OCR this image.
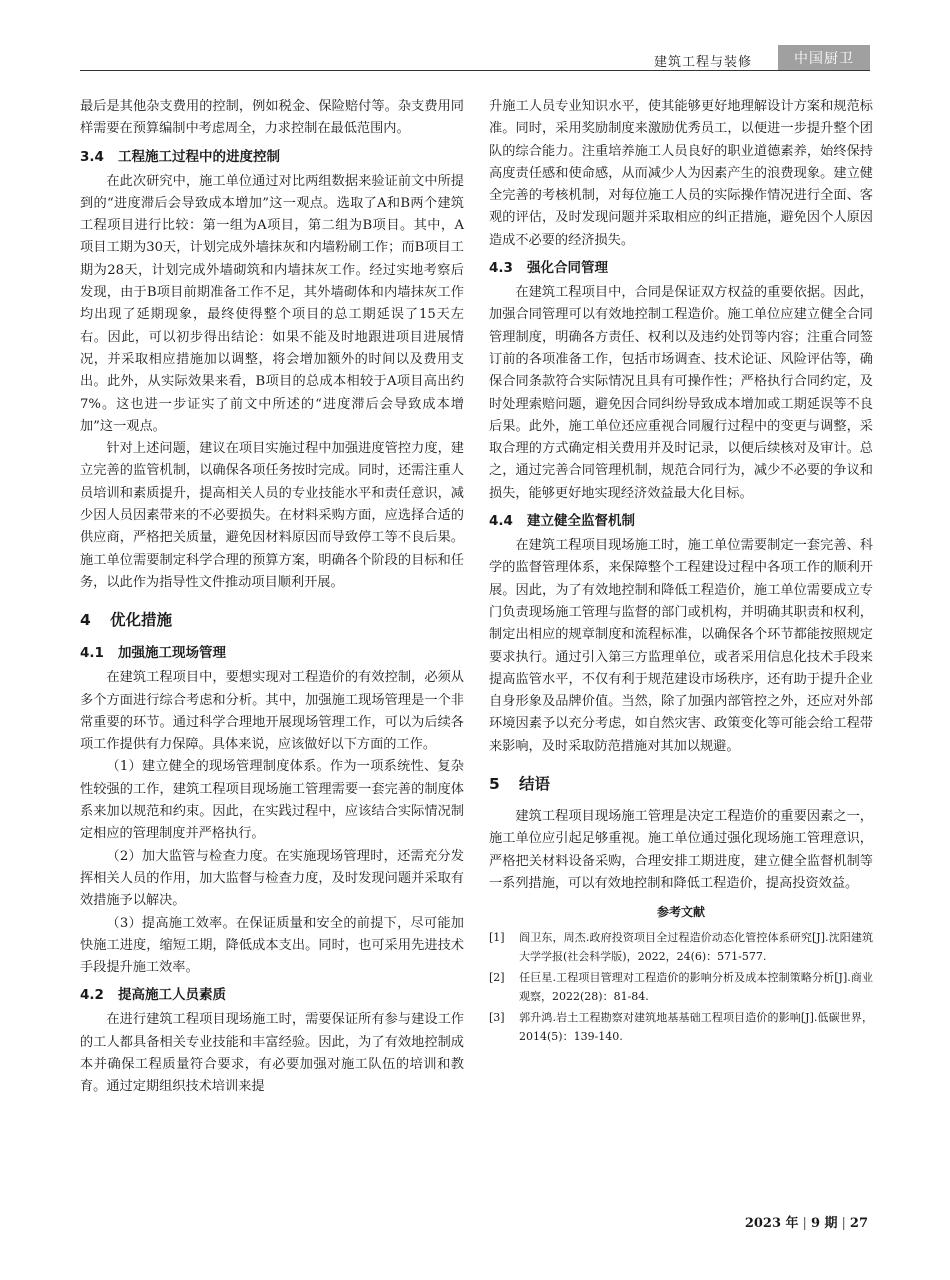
建筑工程与装修	中国厨卫

最后是其他杂支费用的控制，例如税金、保险赔付等。杂支费用同样需要在预算编制中考虑周全，力求控制在最低范围内。

3.4 工程施工过程中的进度控制

在此次研究中，施工单位通过对比两组数据来验证前文中所提到的“进度滞后会导致成本增加”这一观点。选取了A和B两个建筑工程项目进行比较：第一组为A项目，第二组为B项目。其中，A项目工期为30天，计划完成外墙抹灰和内墙粉刷工作；而B项目工期为28天，计划完成外墙砌筑和内墙抹灰工作。经过实地考察后发现，由于B项目前期准备工作不足，其外墙砌体和内墙抹灰工作均出现了延期现象，最终使得整个项目的总工期延误了15天左右。因此，可以初步得出结论：如果不能及时地跟进项目进展情况，并采取相应措施加以调整，将会增加额外的时间以及费用支出。此外，从实际效果来看，B项目的总成本相较于A项目高出约7%。这也进一步证实了前文中所述的“进度滞后会导致成本增加”这一观点。

针对上述问题，建议在项目实施过程中加强进度管控力度，建立完善的监管机制，以确保各项任务按时完成。同时，还需注重人员培训和素质提升，提高相关人员的专业技能水平和责任意识，减少因人员因素带来的不必要损失。在材料采购方面，应选择合适的供应商，严格把关质量，避免因材料原因而导致停工等不良后果。施工单位需要制定科学合理的预算方案，明确各个阶段的目标和任务，以此作为指导性文件推动项目顺利开展。

4 优化措施
4.1 加强施工现场管理

在建筑工程项目中，要想实现对工程造价的有效控制，必须从多个方面进行综合考虑和分析。其中，加强施工现场管理是一个非常重要的环节。通过科学合理地开展现场管理工作，可以为后续各项工作提供有力保障。具体来说，应该做好以下方面的工作。

（1）建立健全的现场管理制度体系。作为一项系统性、复杂性较强的工作，建筑工程项目现场施工管理需要一套完善的制度体系来加以规范和约束。因此，在实践过程中，应该结合实际情况制定相应的管理制度并严格执行。

（2）加大监管与检查力度。在实施现场管理时，还需充分发挥相关人员的作用，加大监督与检查力度，及时发现问题并采取有效措施予以解决。

（3）提高施工效率。在保证质量和安全的前提下，尽可能加快施工进度，缩短工期，降低成本支出。同时，也可采用先进技术手段提升施工效率。

4.2 提高施工人员素质

在进行建筑工程项目现场施工时，需要保证所有参与建设工作的工人都具备相关专业技能和丰富经验。因此，为了有效地控制成本并确保工程质量符合要求，有必要加强对施工队伍的培训和教育。通过定期组织技术培训来提

升施工人员专业知识水平，使其能够更好地理解设计方案和规范标准。同时，采用奖励制度来激励优秀员工，以便进一步提升整个团队的综合能力。注重培养施工人员良好的职业道德素养，始终保持高度责任感和使命感，从而减少人为因素产生的浪费现象。建立健全完善的考核机制，对每位施工人员的实际操作情况进行全面、客观的评估，及时发现问题并采取相应的纠正措施，避免因个人原因造成不必要的经济损失。

4.3 强化合同管理

在建筑工程项目中，合同是保证双方权益的重要依据。因此，加强合同管理可以有效地控制工程造价。施工单位应建立健全合同管理制度，明确各方责任、权利以及违约处罚等内容；注重合同签订前的各项准备工作，包括市场调查、技术论证、风险评估等，确保合同条款符合实际情况且具有可操作性；严格执行合同约定，及时处理索赔问题，避免因合同纠纷导致成本增加或工期延误等不良后果。此外，施工单位还应重视合同履行过程中的变更与调整，采取合理的方式确定相关费用并及时记录，以便后续核对及审计。总之，通过完善合同管理机制，规范合同行为，减少不必要的争议和损失，能够更好地实现经济效益最大化目标。

4.4 建立健全监督机制

在建筑工程项目现场施工时，施工单位需要制定一套完善、科学的监督管理体系，来保障整个工程建设过程中各项工作的顺利开展。因此，为了有效地控制和降低工程造价，施工单位需要成立专门负责现场施工管理与监督的部门或机构，并明确其职责和权利，制定出相应的规章制度和流程标准，以确保各个环节都能按照规定要求执行。通过引入第三方监理单位，或者采用信息化技术手段来提高监管水平，不仅有利于规范建设市场秩序，还有助于提升企业自身形象及品牌价值。当然，除了加强内部管控之外，还应对外部环境因素予以充分考虑，如自然灾害、政策变化等可能会给工程带来影响，及时采取防范措施对其加以规避。

5 结语

建筑工程项目现场施工管理是决定工程造价的重要因素之一，施工单位应引起足够重视。施工单位通过强化现场施工管理意识，严格把关材料设备采购，合理安排工期进度，建立健全监督机制等一系列措施，可以有效地控制和降低工程造价，提高投资效益。

参考文献
[1] 阎卫东，周杰.政府投资项目全过程造价动态化管控体系研究[J].沈阳建筑大学学报(社会科学版)，2022，24(6)：571-577.
[2] 任巨星.工程项目管理对工程造价的影响分析及成本控制策略分析[J].商业观察，2022(28)：81-84.
[3] 郭升鸿.岩土工程勘察对建筑地基基础工程项目造价的影响[J].低碳世界，2014(5)：139-140.
2023 年 | 9 期 | 27
